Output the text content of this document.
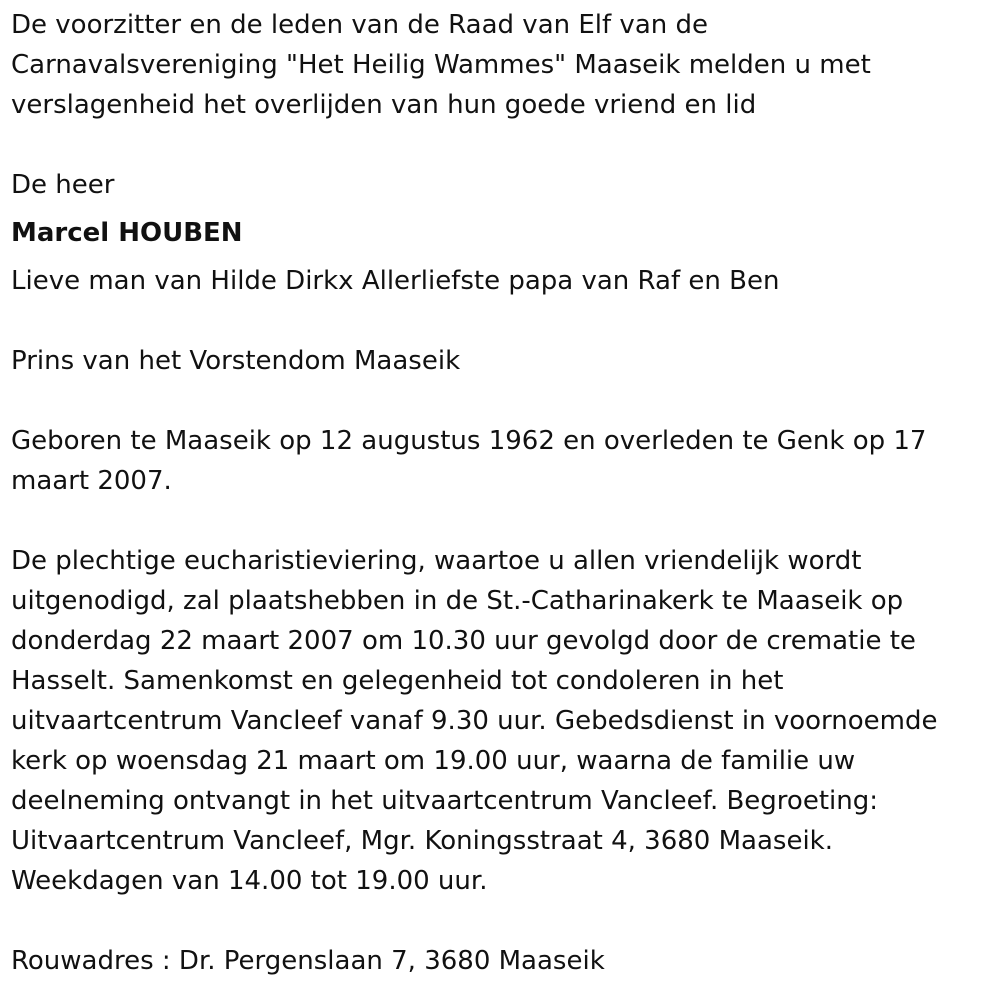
De voorzitter en de leden van de Raad van Elf van de

Carnavalsvereniging "Het Heilig Wammes" Maaseik melden u met

verslagenheid het overlijden van hun goede vriend en lid

De heer

Marcel HOUBEN

Lieve man van Hilde Dirkx Allerliefste papa van Raf en Ben

Prins van het Vorstendom Maaseik

Geboren te Maaseik op 12 augustus 1962 en overleden te Genk op 17

maart 2007.

De plechtige eucharistieviering, waartoe u allen vriendelijk wordt

uitgenodigd, zal plaatshebben in de St.-Catharinakerk te Maaseik op

donderdag 22 maart 2007 om 10.30 uur gevolgd door de crematie te

Hasselt. Samenkomst en gelegenheid tot condoleren in het

uitvaartcentrum Vancleef vanaf 9.30 uur. Gebedsdienst in voornoemde

kerk op woensdag 21 maart om 19.00 uur, waarna de familie uw

deelneming ontvangt in het uitvaartcentrum Vancleef. Begroeting:

Uitvaartcentrum Vancleef, Mgr. Koningsstraat 4, 3680 Maaseik.

Weekdagen van 14.00 tot 19.00 uur.

Rouwadres : Dr. Pergenslaan 7, 3680 Maaseik
